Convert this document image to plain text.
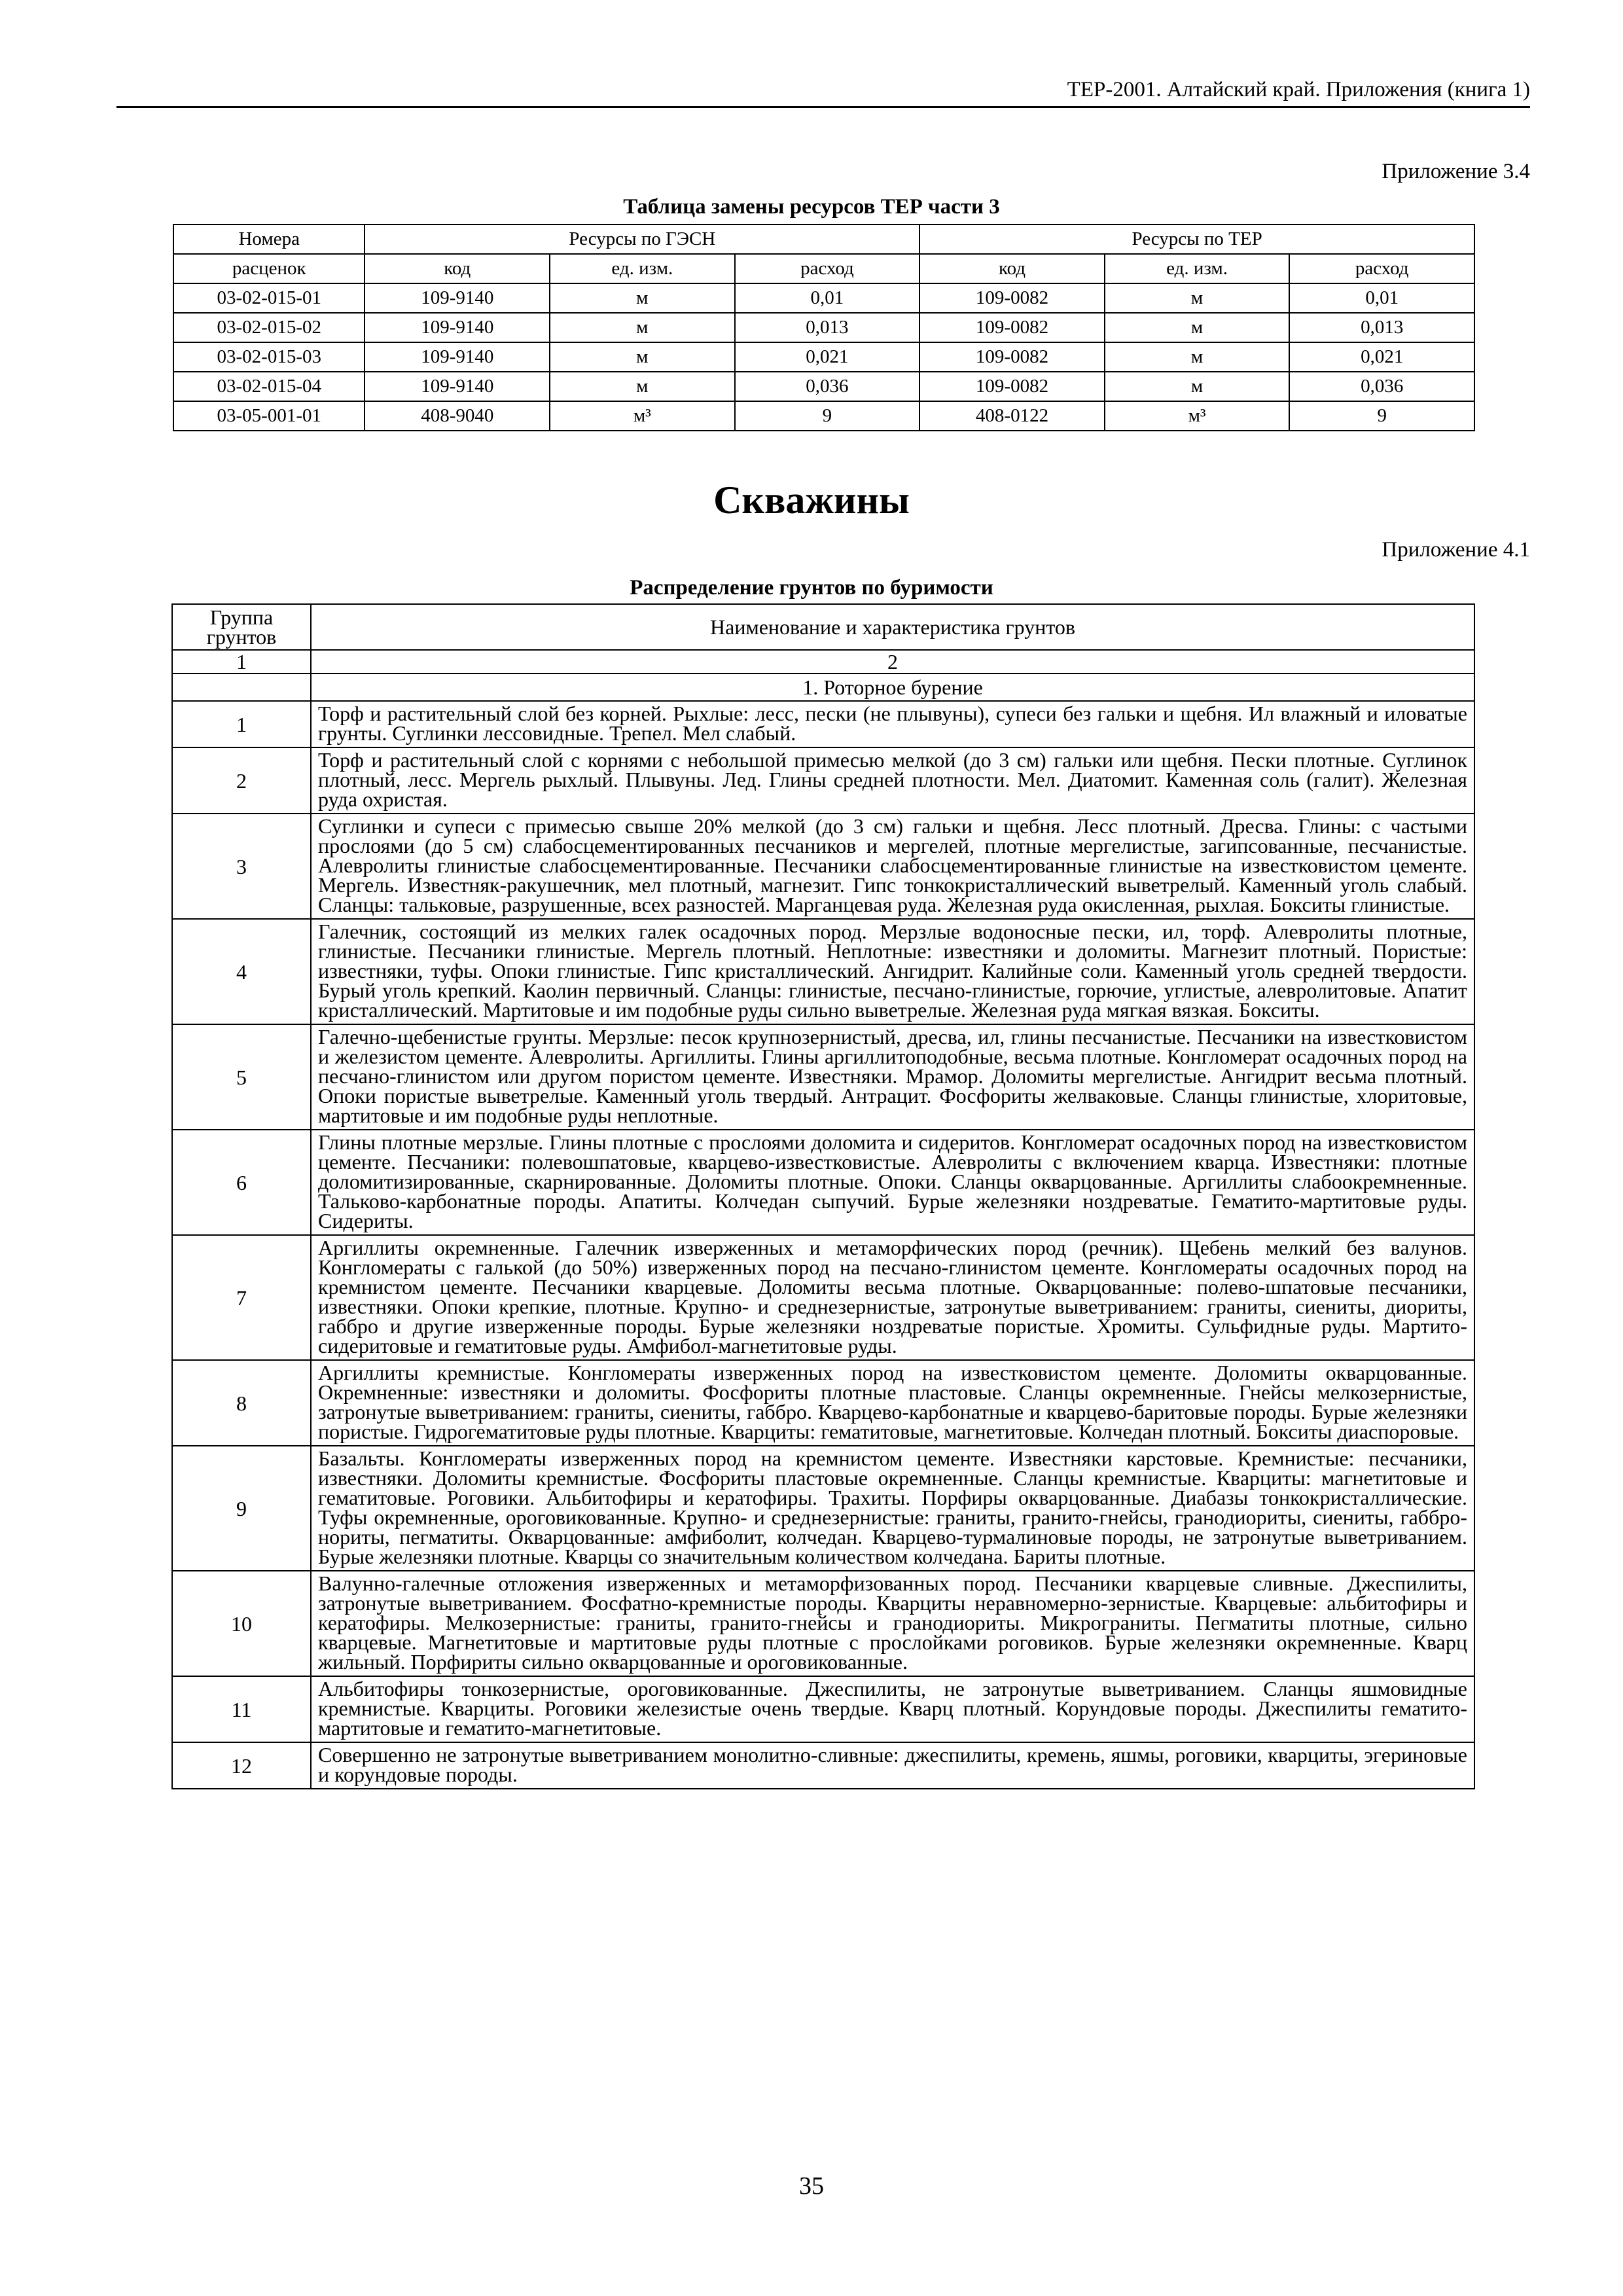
ТЕР-2001. Алтайский край. Приложения (книга 1)
Приложение 3.4
Таблица замены ресурсов ТЕР части 3
Номера	Ресурсы по ГЭСН			Ресурсы по ТЕР		
расценок	код	ед. изм.	расход	код	ед. изм.	расход
03-02-015-01	109-9140	м	0,01	109-0082	м	0,01
03-02-015-02	109-9140	м	0,013	109-0082	м	0,013
03-02-015-03	109-9140	м	0,021	109-0082	м	0,021
03-02-015-04	109-9140	м	0,036	109-0082	м	0,036
03-05-001-01	408-9040	м³	9	408-0122	м³	9
Скважины
Приложение 4.1
Распределение грунтов по буримости
Группа грунтов	Наименование и характеристика грунтов
1	2
	1. Роторное бурение
1	Торф и растительный слой без корней. Рыхлые: лесс, пески (не плывуны), супеси без гальки и щебня. Ил влажный и иловатые грунты. Суглинки лессовидные. Трепел. Мел слабый.
2	Торф и растительный слой с корнями с небольшой примесью мелкой (до 3 см) гальки или щебня. Пески плотные. Суглинок плотный, лесс. Мергель рыхлый. Плывуны. Лед. Глины средней плотности. Мел. Диатомит. Каменная соль (галит). Железная руда охристая.
3	Суглинки и супеси с примесью свыше 20% мелкой (до 3 см) гальки и щебня. Лесс плотный. Дресва. Глины: с частыми прослоями (до 5 см) слабосцементированных песчаников и мергелей, плотные мергелистые, загипсованные, песчанистые. Алевролиты глинистые слабосцементированные. Песчаники слабосцементированные глинистые на известковистом цементе. Мергель. Известняк-ракушечник, мел плотный, магнезит. Гипс тонкокристаллический выветрелый. Каменный уголь слабый. Сланцы: тальковые, разрушенные, всех разностей. Марганцевая руда. Железная руда окисленная, рыхлая. Бокситы глинистые.
4	Галечник, состоящий из мелких галек осадочных пород. Мерзлые водоносные пески, ил, торф. Алевролиты плотные, глинистые. Песчаники глинистые. Мергель плотный. Неплотные: известняки и доломиты. Магнезит плотный. Пористые: известняки, туфы. Опоки глинистые. Гипс кристаллический. Ангидрит. Калийные соли. Каменный уголь средней твердости. Бурый уголь крепкий. Каолин первичный. Сланцы: глинистые, песчано-глинистые, горючие, углистые, алевролитовые. Апатит кристаллический. Мартитовые и им подобные руды сильно выветрелые. Железная руда мягкая вязкая. Бокситы.
5	Галечно-щебенистые грунты. Мерзлые: песок крупнозернистый, дресва, ил, глины песчанистые. Песчаники на известковистом и железистом цементе. Алевролиты. Аргиллиты. Глины аргиллитоподобные, весьма плотные. Конгломерат осадочных пород на песчано-глинистом или другом пористом цементе. Известняки. Мрамор. Доломиты мергелистые. Ангидрит весьма плотный. Опоки пористые выветрелые. Каменный уголь твердый. Антрацит. Фосфориты желваковые. Сланцы глинистые, хлоритовые, мартитовые и им подобные руды неплотные.
6	Глины плотные мерзлые. Глины плотные с прослоями доломита и сидеритов. Конгломерат осадочных пород на известковистом цементе. Песчаники: полевошпатовые, кварцево-известковистые. Алевролиты с включением кварца. Известняки: плотные доломитизированные, скарнированные. Доломиты плотные. Опоки. Сланцы окварцованные. Аргиллиты слабоокремненные. Тальково-карбонатные породы. Апатиты. Колчедан сыпучий. Бурые железняки ноздреватые. Гематито-мартитовые руды. Сидериты.
7	Аргиллиты окремненные. Галечник изверженных и метаморфических пород (речник). Щебень мелкий без валунов. Конгломераты с галькой (до 50%) изверженных пород на песчано-глинистом цементе. Конгломераты осадочных пород на кремнистом цементе. Песчаники кварцевые. Доломиты весьма плотные. Окварцованные: полево-шпатовые песчаники, известняки. Опоки крепкие, плотные. Крупно- и среднезернистые, затронутые выветриванием: граниты, сиениты, диориты, габбро и другие изверженные породы. Бурые железняки ноздреватые пористые. Хромиты. Сульфидные руды. Мартито-сидеритовые и гематитовые руды. Амфибол-магнетитовые руды.
8	Аргиллиты кремнистые. Конгломераты изверженных пород на известковистом цементе. Доломиты окварцованные. Окремненные: известняки и доломиты. Фосфориты плотные пластовые. Сланцы окремненные. Гнейсы мелкозернистые, затронутые выветриванием: граниты, сиениты, габбро. Кварцево-карбонатные и кварцево-баритовые породы. Бурые железняки пористые. Гидрогематитовые руды плотные. Кварциты: гематитовые, магнетитовые. Колчедан плотный. Бокситы диаспоровые.
9	Базальты. Конгломераты изверженных пород на кремнистом цементе. Известняки карстовые. Кремнистые: песчаники, известняки. Доломиты кремнистые. Фосфориты пластовые окремненные. Сланцы кремнистые. Кварциты: магнетитовые и гематитовые. Роговики. Альбитофиры и кератофиры. Трахиты. Порфиры окварцованные. Диабазы тонкокристаллические. Туфы окремненные, ороговикованные. Крупно- и среднезернистые: граниты, гранито-гнейсы, гранодиориты, сиениты, габбро-нориты, пегматиты. Окварцованные: амфиболит, колчедан. Кварцево-турмалиновые породы, не затронутые выветриванием. Бурые железняки плотные. Кварцы со значительным количеством колчедана. Бариты плотные.
10	Валунно-галечные отложения изверженных и метаморфизованных пород. Песчаники кварцевые сливные. Джеспилиты, затронутые выветриванием. Фосфатно-кремнистые породы. Кварциты неравномерно-зернистые. Кварцевые: альбитофиры и кератофиры. Мелкозернистые: граниты, гранито-гнейсы и гранодиориты. Микрограниты. Пегматиты плотные, сильно кварцевые. Магнетитовые и мартитовые руды плотные с прослойками роговиков. Бурые железняки окремненные. Кварц жильный. Порфириты сильно окварцованные и ороговикованные.
11	Альбитофиры тонкозернистые, ороговикованные. Джеспилиты, не затронутые выветриванием. Сланцы яшмовидные кремнистые. Кварциты. Роговики железистые очень твердые. Кварц плотный. Корундовые породы. Джеспилиты гематито-мартитовые и гематито-магнетитовые.
12	Совершенно не затронутые выветриванием монолитно-сливные: джеспилиты, кремень, яшмы, роговики, кварциты, эгериновые и корундовые породы.
35
